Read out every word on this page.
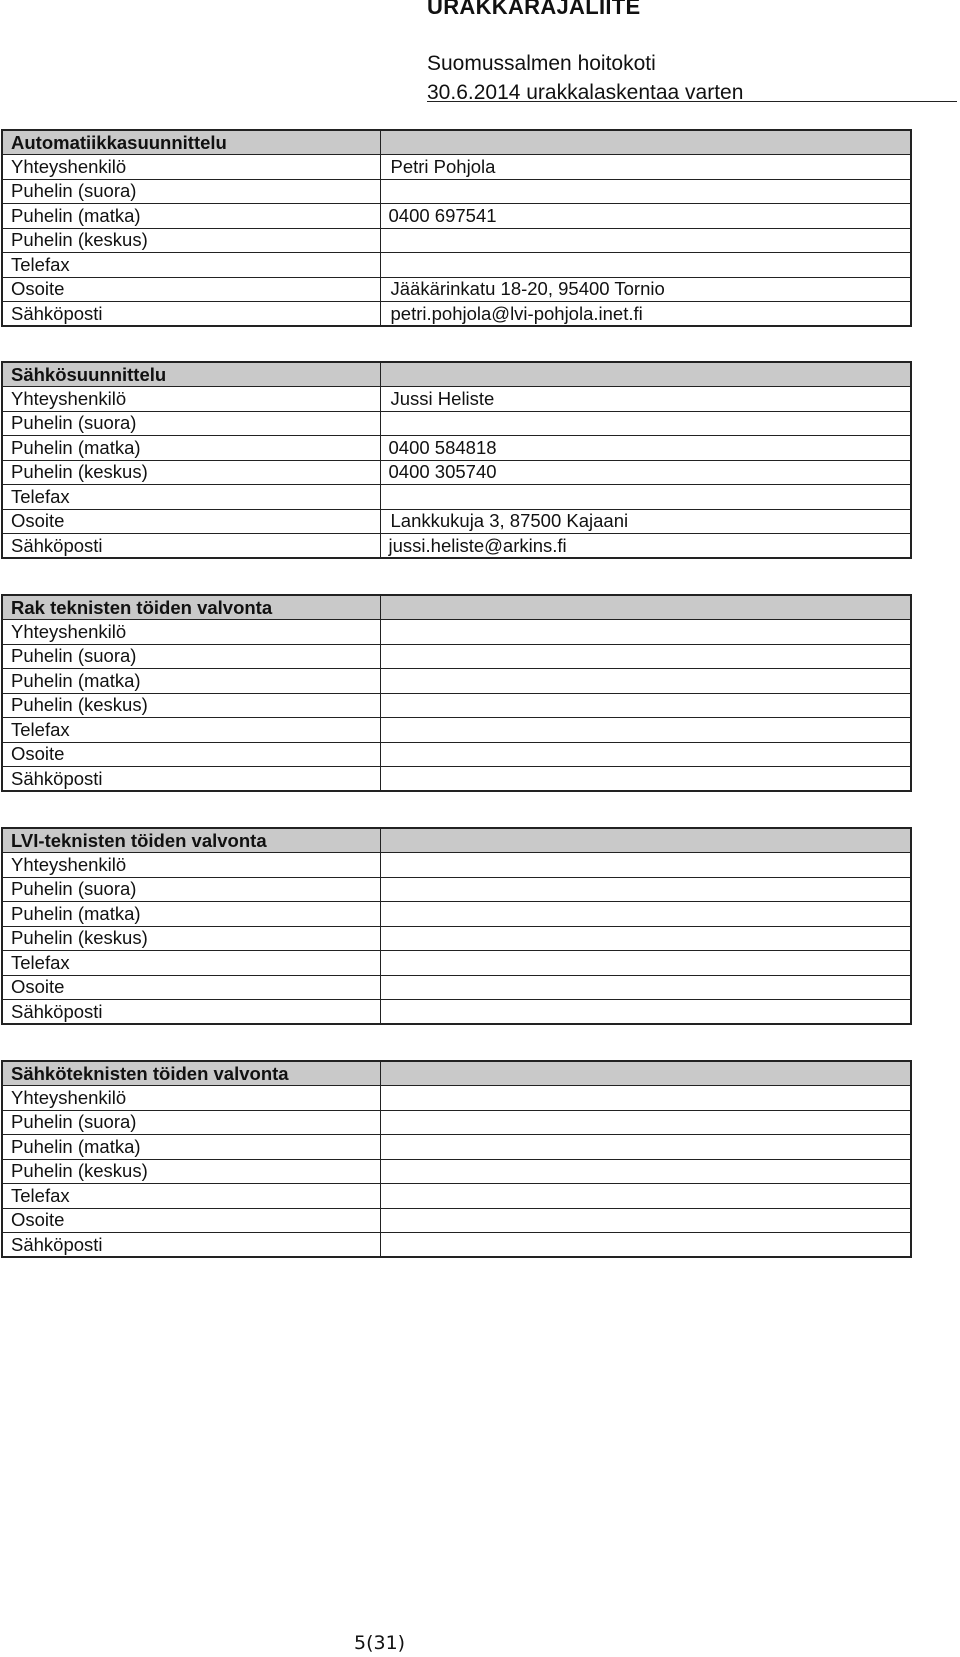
URAKKARAJALIITE
Suomussalmen hoitokoti
30.6.2014 urakkalaskentaa varten
Automatiikkasuunnittelu	
Yhteyshenkilö	Petri Pohjola
Puhelin (suora)	
Puhelin (matka)	0400 697541
Puhelin (keskus)	
Telefax	
Osoite	Jääkärinkatu 18-20, 95400 Tornio
Sähköposti	petri.pohjola@lvi-pohjola.inet.fi
Sähkösuunnittelu	
Yhteyshenkilö	Jussi Heliste
Puhelin (suora)	
Puhelin (matka)	0400 584818
Puhelin (keskus)	0400 305740
Telefax	
Osoite	Lankkukuja 3, 87500 Kajaani
Sähköposti	jussi.heliste@arkins.fi
Rak teknisten töiden valvonta	
Yhteyshenkilö	
Puhelin (suora)	
Puhelin (matka)	
Puhelin (keskus)	
Telefax	
Osoite	
Sähköposti	
LVI-teknisten töiden valvonta	
Yhteyshenkilö	
Puhelin (suora)	
Puhelin (matka)	
Puhelin (keskus)	
Telefax	
Osoite	
Sähköposti	
Sähköteknisten töiden valvonta	
Yhteyshenkilö	
Puhelin (suora)	
Puhelin (matka)	
Puhelin (keskus)	
Telefax	
Osoite	
Sähköposti	
5(31)
